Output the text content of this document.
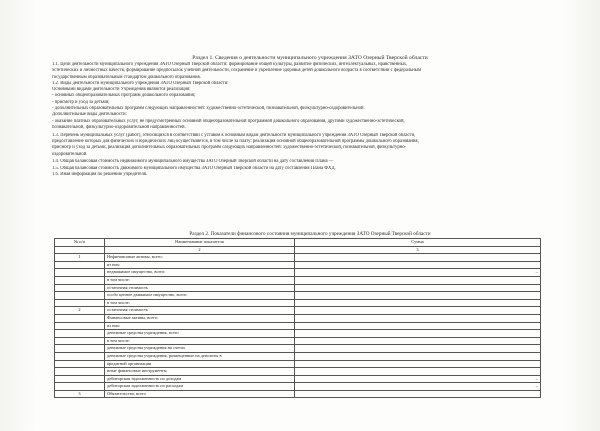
Раздел 1. Сведения о деятельности муниципального учреждения ЗАТО Озерный Тверской области

1.1. Цели деятельности муниципального учреждения ЗАТО Озерный Тверской области: формирование общей культуры, развитие физических, интеллектуальных, нравственных,

эстетических и личностных качеств, формирование предпосылок учебной деятельности, сохранение и укрепление здоровья детей дошкольного возраста в соответствии с федеральным

государственным образовательным стандартом дошкольного образования.

1.2. Виды деятельности муниципального учреждения ЗАТО Озерный Тверской области:

Основными видами деятельности Учреждения являются реализация:

- основных общеобразовательных программ дошкольного образования;

- присмотр и уход за детьми;

- дополнительных образовательных программ следующих направленностей: художественно-эстетической, познавательной, физкультурно-оздоровительной.

Дополнительные виды деятельности:

- оказание платных образовательных услуг, не предусмотренных основной общеобразовательной программой дошкольного образования, другими художественно-эстетической,

познавательной, физкультурно-оздоровительной направленностей.

1.3. Перечень муниципальных услуг (работ), относящихся в соответствии с уставом к основным видам деятельности муниципального учреждения ЗАТО Озерный Тверской области,

предоставление которых для физических и юридических лиц осуществляется, в том числе за плату: реализация основной общеобразовательной программы дошкольного образования,

присмотр и уход за детьми, реализация дополнительных образовательных программ следующих направленностей: художественно-эстетической, познавательной, физкультурно-

оздоровительной.

1.4. Общая балансовая стоимость недвижимого муниципального имущества ЗАТО Озерный Тверской области на дату составления Плана —

1.5. Общая балансовая стоимость движимого муниципального имущества ЗАТО Озерный Тверской области на дату составления Плана ФХД.

1.6. Иная информация по решению учредителя.

Раздел 2. Показатели финансового состояния муниципального учреждения ЗАТО Озерный Тверской области
№ п/п	Наименование показателя	Сумма
	2	3
1	Нефинансовые активы, всего:	
	из них:	
	недвижимое имущество, всего:	–
	в том числе:	
	остаточная стоимость	
	особо ценное движимое имущество, всего:	
	в том числе:	
2	остаточная стоимость	
	Финансовые активы, всего:	
	из них:	
	денежные средства учреждения, всего	
	в том числе:	
	денежные средства учреждения на счетах	
	денежные средства учреждения, размещенные на депозиты в	
	кредитной организации	
	иные финансовые инструменты	
	дебиторская задолженность по доходам	–
	дебиторская задолженность по расходам	–
3	Обязательства, всего	
